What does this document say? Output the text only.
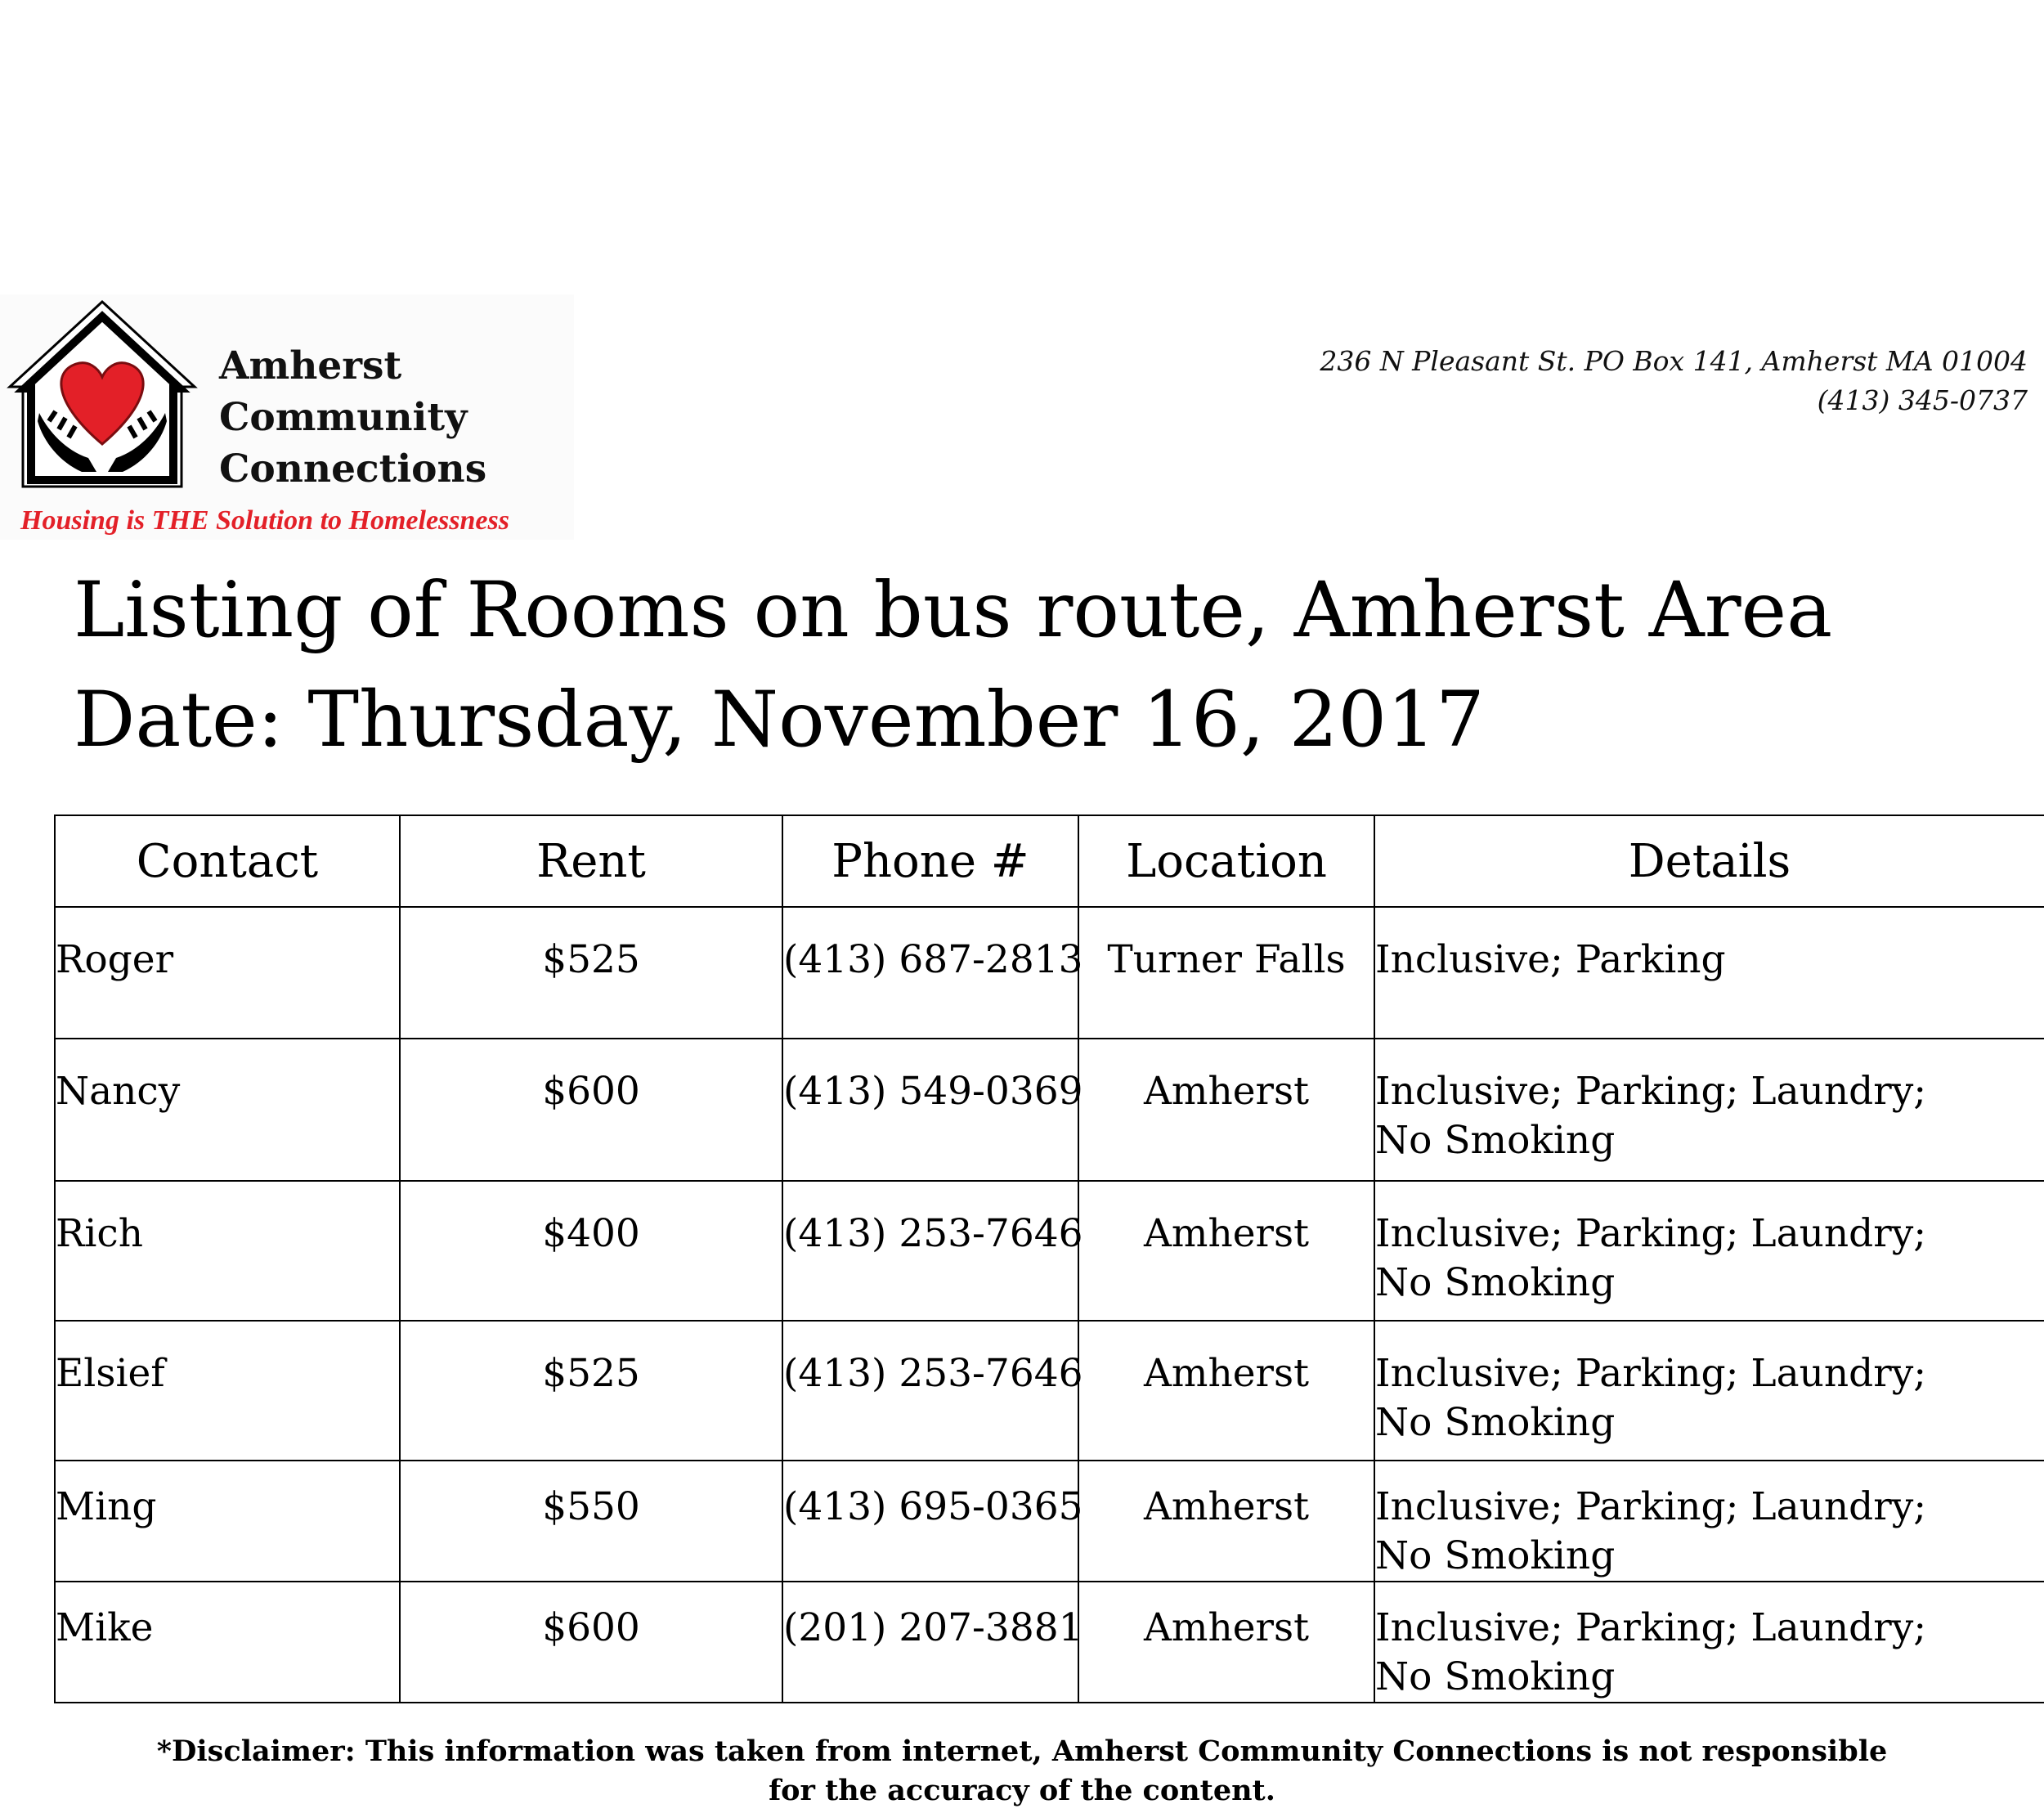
Amherst
Community
Connections

Housing is THE Solution to Homelessness

236 N Pleasant St. PO Box 141, Amherst MA 01004
(413) 345-0737

Listing of Rooms on bus route, Amherst Area
Date: Thursday, November 16, 2017
Contact	Rent	Phone #	Location	Details
Roger	$525	(413) 687-2813	Turner Falls	Inclusive; Parking

Nancy	$600	(413) 549-0369	Amherst	Inclusive; Parking; Laundry;
No Smoking

Rich	$400	(413) 253-7646	Amherst	Inclusive; Parking; Laundry;
No Smoking

Elsief	$525	(413) 253-7646	Amherst	Inclusive; Parking; Laundry;
No Smoking

Ming	$550	(413) 695-0365	Amherst	Inclusive; Parking; Laundry;
No Smoking

Mike	$600	(201) 207-3881	Amherst	Inclusive; Parking; Laundry;
No Smoking

*Disclaimer: This information was taken from internet, Amherst Community Connections is not responsible
for the accuracy of the content.
